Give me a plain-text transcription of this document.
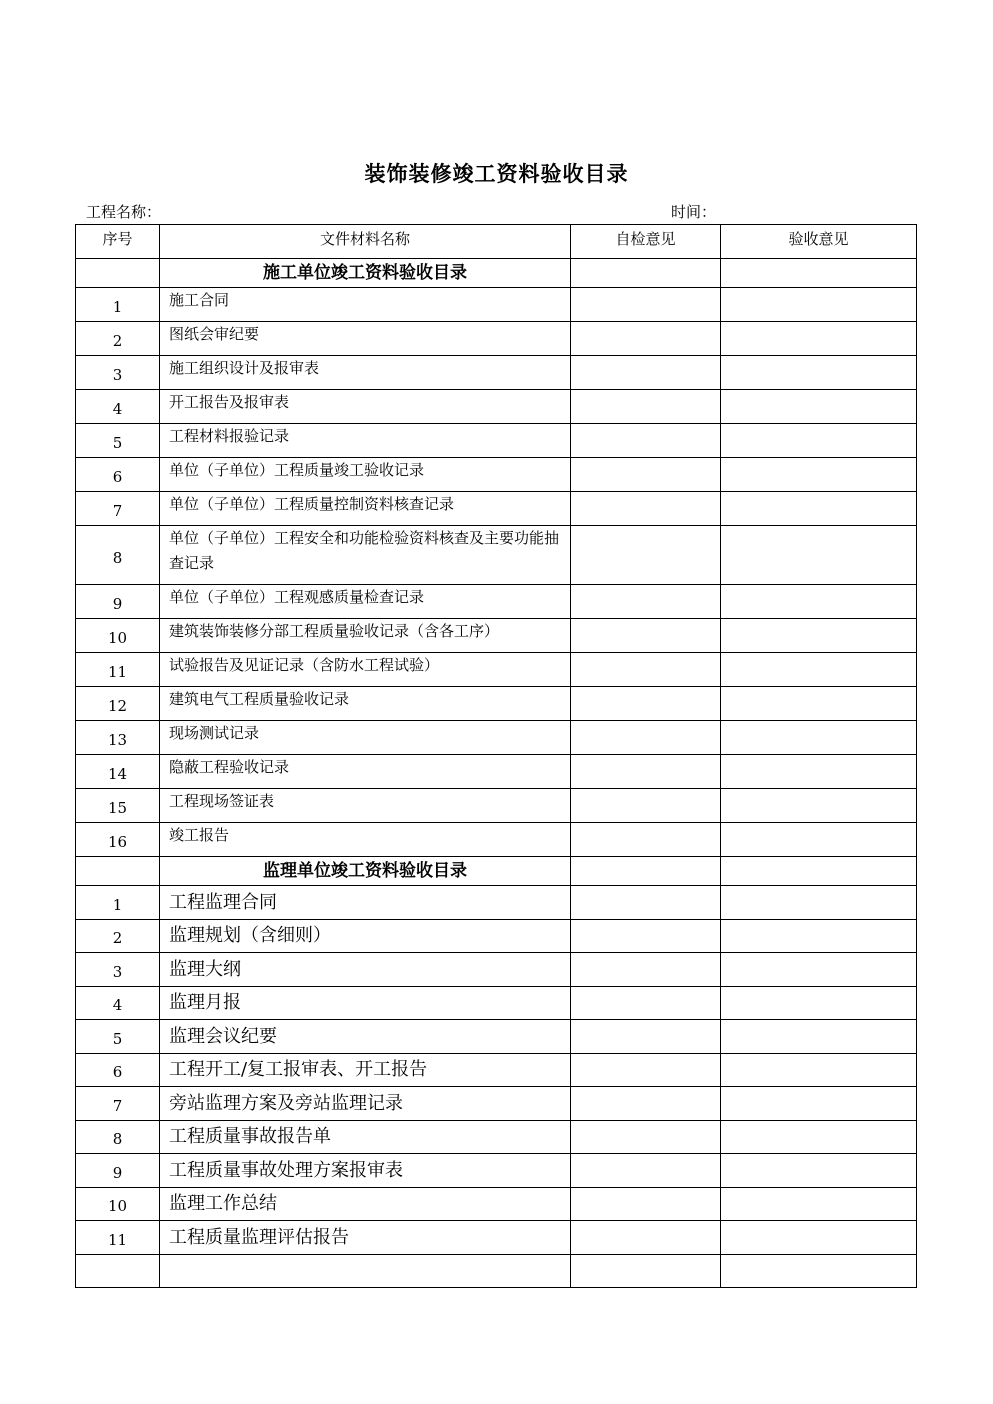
装饰装修竣工资料验收目录
工程名称：	时间：
序号	文件材料名称	自检意见	验收意见
	施工单位竣工资料验收目录		
1	施工合同		
2	图纸会审纪要		
3	施工组织设计及报审表		
4	开工报告及报审表		
5	工程材料报验记录		
6	单位（子单位）工程质量竣工验收记录		
7	单位（子单位）工程质量控制资料核查记录		
8	单位（子单位）工程安全和功能检验资料核查及主要功能抽查记录		
9	单位（子单位）工程观感质量检查记录		
10	建筑装饰装修分部工程质量验收记录（含各工序）		
11	试验报告及见证记录（含防水工程试验）		
12	建筑电气工程质量验收记录		
13	现场测试记录		
14	隐蔽工程验收记录		
15	工程现场签证表		
16	竣工报告		
	监理单位竣工资料验收目录		
1	工程监理合同		
2	监理规划（含细则）		
3	监理大纲		
4	监理月报		
5	监理会议纪要		
6	工程开工/复工报审表、开工报告		
7	旁站监理方案及旁站监理记录		
8	工程质量事故报告单		
9	工程质量事故处理方案报审表		
10	监理工作总结		
11	工程质量监理评估报告		
